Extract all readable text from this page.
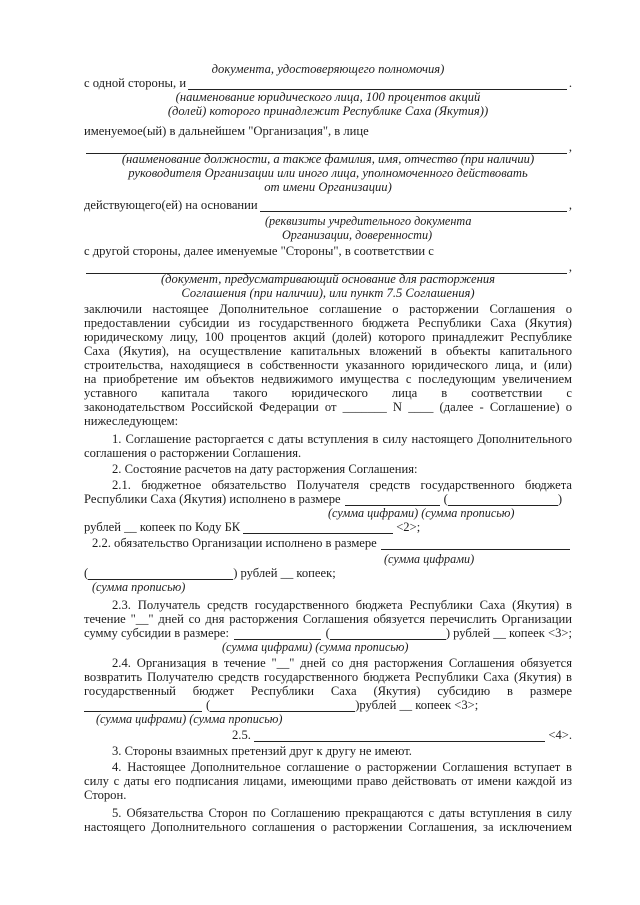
документа, удостоверяющего полномочия)
с одной стороны, и	.
(наименование юридического лица, 100 процентов акций
(долей) которого принадлежит Республике Саха (Якутия))
именуемое(ый) в дальнейшем "Организация", в лице
,
(наименование должности, а также фамилия, имя, отчество (при наличии)
руководителя Организации или иного лица, уполномоченного действовать
от имени Организации)
действующего(ей) на основании	,
(реквизиты учредительного документа
Организации, доверенности)
с другой стороны, далее именуемые "Стороны", в соответствии с
,
(документ, предусматривающий основание для расторжения
Соглашения (при наличии), или пункт 7.5 Соглашения)
заключили настоящее Дополнительное соглашение о расторжении Соглашения о
предоставлении субсидии из государственного бюджета Республики Саха (Якутия)
юридическому лицу, 100 процентов акций (долей) которого принадлежит Республике
Саха (Якутия), на осуществление капитальных вложений в объекты капитального
строительства, находящиеся в собственности указанного юридического лица, и (или)
на приобретение им объектов недвижимого имущества с последующим увеличением
уставного капитала такого юридического лица в соответствии с
законодательством Российской Федерации от _______ N ____ (далее - Соглашение) о
нижеследующем:
1. Соглашение расторгается с даты вступления в силу настоящего Дополнительного
соглашения о расторжении Соглашения.
2. Состояние расчетов на дату расторжения Соглашения:
2.1. бюджетное обязательство Получателя средств государственного бюджета
Республики Саха (Якутия) исполнено в размере	(	)
(сумма цифрами) (сумма прописью)
рублей __ копеек по Коду БК	<2>;
2.2. обязательство Организации исполнено в размере
(сумма цифрами)
(	) рублей __ копеек;
(сумма прописью)
2.3. Получатель средств государственного бюджета Республики Саха (Якутия) в
течение "__" дней со дня расторжения Соглашения обязуется перечислить Организации
сумму субсидии в размере:	(	) рублей __ копеек <3>;
(сумма цифрами) (сумма прописью)
2.4. Организация в течение "__" дней со дня расторжения Соглашения обязуется
возвратить Получателю средств государственного бюджета Республики Саха (Якутия) в
государственный бюджет Республики Саха (Якутия) субсидию в размере
(	)рублей __ копеек <3>;
(сумма цифрами) (сумма прописью)
2.5.	<4>.
3. Стороны взаимных претензий друг к другу не имеют.
4. Настоящее Дополнительное соглашение о расторжении Соглашения вступает в
силу с даты его подписания лицами, имеющими право действовать от имени каждой из
Сторон.
5. Обязательства Сторон по Соглашению прекращаются с даты вступления в силу
настоящего Дополнительного соглашения о расторжении Соглашения, за исключением
